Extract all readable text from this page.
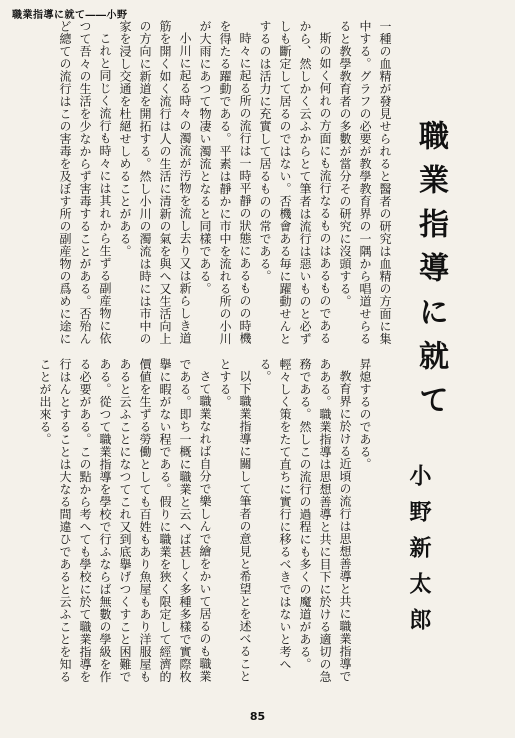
職業指導に就て――小野
職業指導に就て
小野新太郎

一種の血精が發見せられると醫者の研究は血精の方面に集中する。グラフの必要が教學教育界の一隅から唱道せらるると教學教育者の多數が當分その研究に沒頭する。

斯の如く何れの方面にも流行なるものはあるものであるから、然しかく云ふからとて筆者は流行は惡いものと必ずしも斷定して居るのではない。否機會ある毎に躍動せんとするのは活力に充實して居るものの常である。

時々に起る所の流行は一時平靜の狀態にあるものの時機を得たる躍動である。平素は靜かに市中を流れる所の小川が大雨にあつて物凄い濁流となると同樣である。

小川に起る時々の濁流が汚物を流し去り又は新らしき道筋を開く如く流行は人の生活に清新の氣を與へ又生活向上の方向に新道を開拓する。然し小川の濁流は時には市中の家を浸し交通を杜絕せしめることがある。

これと同じく流行も時々には其れから生ずる副産物に依つて吾々の生活を少なからず害毒することがある。否殆んど總ての流行はこの害毒を及ぼす所の副産物の爲めに途に

昇熄するのである。

教育界に於ける近頃の流行は思想善導と共に職業指導であある。職業指導は思想善導と共に目下に於ける適切の急務である。然しこの流行の過程にも多くの魔道がある。輕々しく策をたて直ちに實行に移るべきではないと考へる。

以下職業指導に關して筆者の意見と希望とを述べることとする。

さて職業なれば自分で樂しんで繪をかいて居るのも職業である。即ち一概に職業と云へば甚しく多種多樣で實際枚擧に暇がない程である。假りに職業を狹く限定して經濟的價値を生ずる勞働としても百姓もあり魚屋もあり洋服屋もあると云ふことになつてこれ又到底擧げつくすこと困難である。從つて職業指導を學校で行ふならば無數の學級を作る必要がある。この點から考へても學校に於て職業指導を行はんとすることは大なる間違ひであると云ふことを知ることが出來る。

85
